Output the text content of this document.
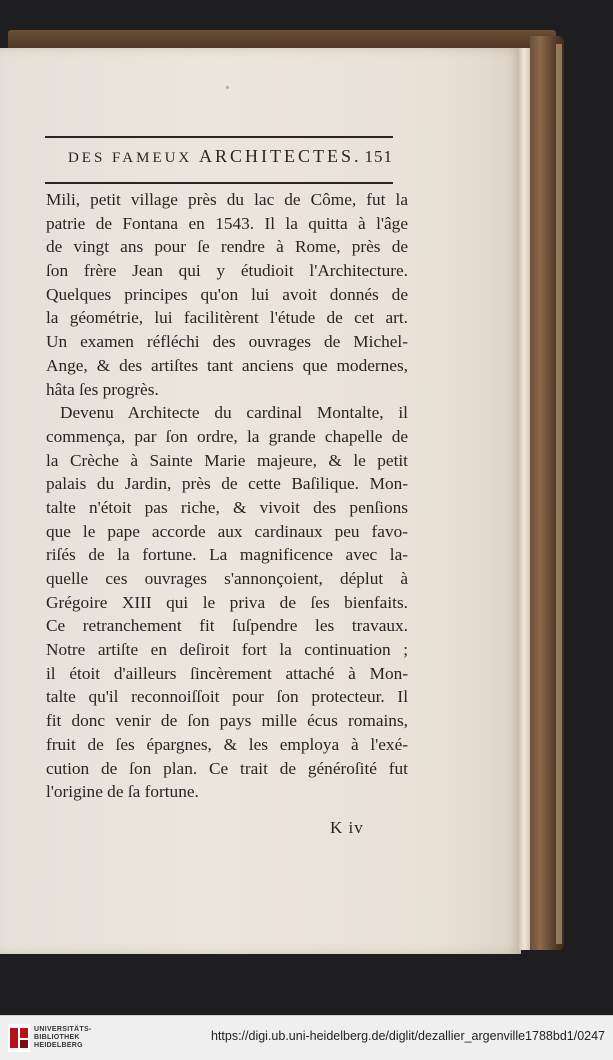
DES FAMEUX ARCHITECTES. 151
Mili, petit village près du lac de Côme, fut la
patrie de Fontana en 1543. Il la quitta à l'âge
de vingt ans pour ſe rendre à Rome, près de
ſon frère Jean qui y étudioit l'Architecture.
Quelques principes qu'on lui avoit donnés de
la géométrie, lui facilitèrent l'étude de cet art.
Un examen réfléchi des ouvrages de Michel-
Ange, & des artiſtes tant anciens que modernes,
hâta ſes progrès.
Devenu Architecte du cardinal Montalte, il
commença, par ſon ordre, la grande chapelle de
la Crèche à Sainte Marie majeure, & le petit
palais du Jardin, près de cette Baſilique. Mon-
talte n'étoit pas riche, & vivoit des penſions
que le pape accorde aux cardinaux peu favo-
riſés de la fortune. La magnificence avec la-
quelle ces ouvrages s'annonçoient, déplut à
Grégoire XIII qui le priva de ſes bienfaits.
Ce retranchement fit ſuſpendre les travaux.
Notre artiſte en deſiroit fort la continuation ;
il étoit d'ailleurs ſincèrement attaché à Mon-
talte qu'il reconnoiſſoit pour ſon protecteur. Il
fit donc venir de ſon pays mille écus romains,
fruit de ſes épargnes, & les employa à l'exé-
cution de ſon plan. Ce trait de généroſité fut
l'origine de ſa fortune.
K iv
UNIVERSITÄTS-
BIBLIOTHEK
HEIDELBERG
https://digi.ub.uni-heidelberg.de/diglit/dezallier_argenville1788bd1/0247
